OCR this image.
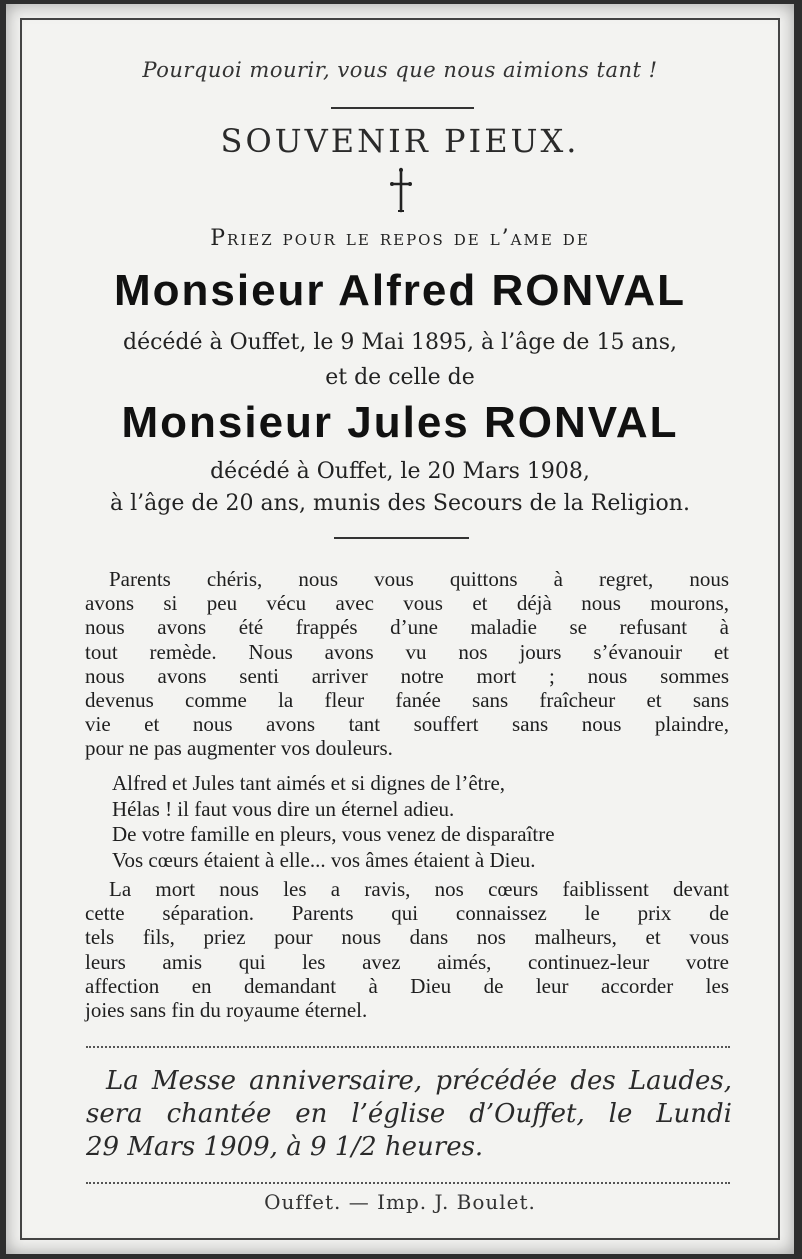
Pourquoi mourir, vous que nous aimions tant !
SOUVENIR PIEUX.
Priez pour le repos de l’ame de
Monsieur Alfred RONVAL
décédé à Ouffet, le 9 Mai 1895, à l’âge de 15 ans,
et de celle de
Monsieur Jules RONVAL
décédé à Ouffet, le 20 Mars 1908,
à l’âge de 20 ans, munis des Secours de la Religion.
Parents chéris, nous vous quittons à regret, nous
avons si peu vécu avec vous et déjà nous mourons,
nous avons été frappés d’une maladie se refusant à
tout remède. Nous avons vu nos jours s’évanouir et
nous avons senti arriver notre mort ; nous sommes
devenus comme la fleur fanée sans fraîcheur et sans
vie et nous avons tant souffert sans nous plaindre,
pour ne pas augmenter vos douleurs.
Alfred et Jules tant aimés et si dignes de l’être,
Hélas ! il faut vous dire un éternel adieu.
De votre famille en pleurs, vous venez de disparaître
Vos cœurs étaient à elle... vos âmes étaient à Dieu.
La mort nous les a ravis, nos cœurs faiblissent devant
cette séparation. Parents qui connaissez le prix de
tels fils, priez pour nous dans nos malheurs, et vous
leurs amis qui les avez aimés, continuez-leur votre
affection en demandant à Dieu de leur accorder les
joies sans fin du royaume éternel.
La Messe anniversaire, précédée des Laudes,
sera chantée en l’église d’Ouffet, le Lundi
29 Mars 1909, à 9 1/2 heures.
Ouffet. — Imp. J. Boulet.
